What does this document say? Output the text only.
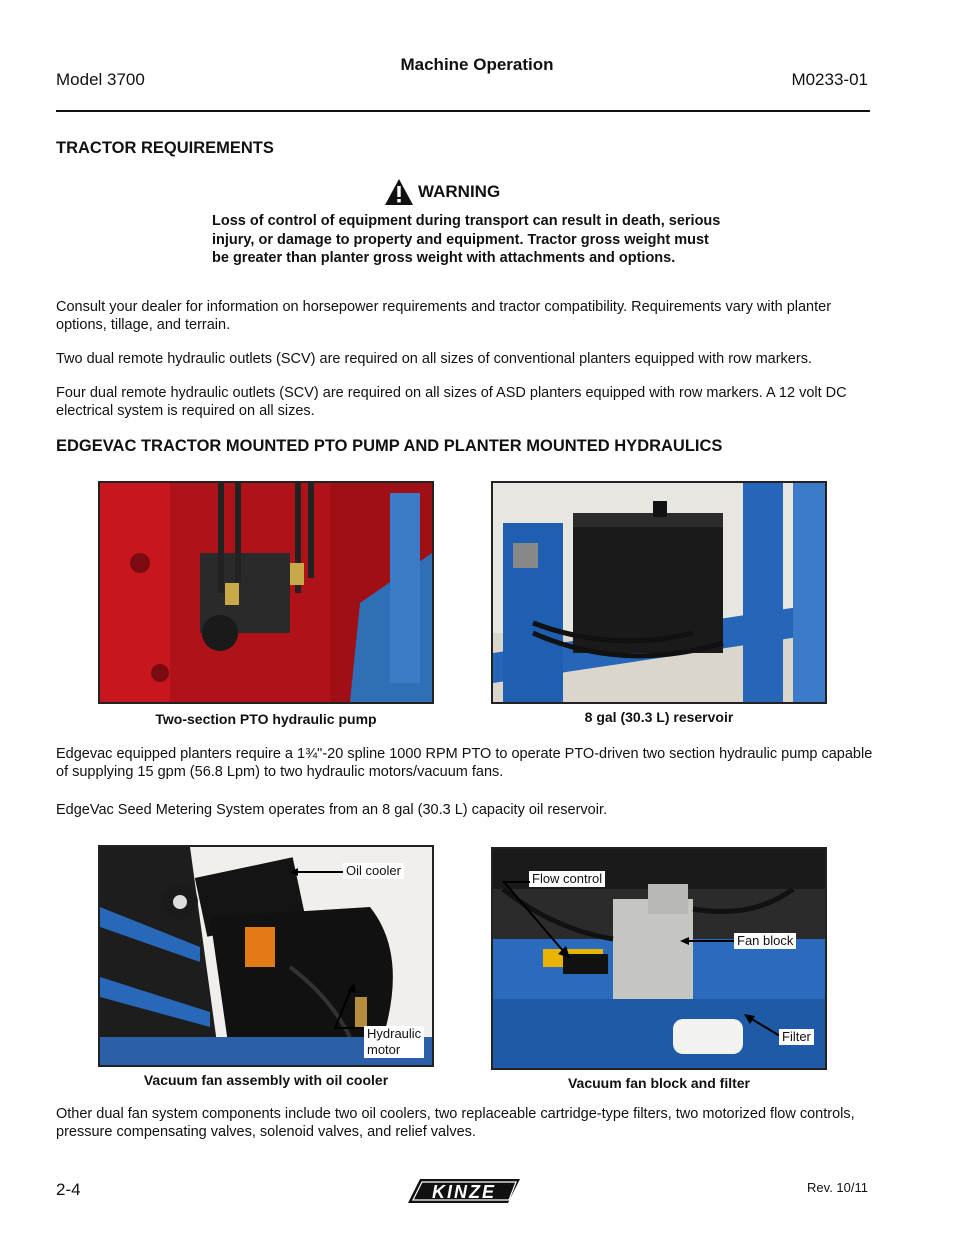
Machine Operation
Model 3700	M0233-01
TRACTOR REQUIREMENTS
WARNING
Loss of control of equipment during transport can result in death, serious injury, or damage to property and equipment. Tractor gross weight must be greater than planter gross weight with attachments and options.
Consult your dealer for information on horsepower requirements and tractor compatibility. Requirements vary with planter options, tillage, and terrain.
Two dual remote hydraulic outlets (SCV) are required on all sizes of conventional planters equipped with row markers.
Four dual remote hydraulic outlets (SCV) are required on all sizes of ASD planters equipped with row markers. A 12 volt DC electrical system is required on all sizes.
EDGEVAC TRACTOR MOUNTED PTO PUMP AND PLANTER MOUNTED HYDRAULICS
Two-section PTO hydraulic pump	8 gal (30.3 L) reservoir
Edgevac equipped planters require a 1¾"-20 spline 1000 RPM PTO to operate PTO-driven two section hydraulic pump capable of supplying 15 gpm (56.8 Lpm) to two hydraulic motors/vacuum fans.
EdgeVac Seed Metering System operates from an 8 gal (30.3 L) capacity oil reservoir.
Oil cooler
Hydraulic
motor
Vacuum fan assembly with oil cooler
Flow control
Fan block
Filter
Vacuum fan block and filter
Other dual fan system components include two oil coolers, two replaceable cartridge-type filters, two motorized flow controls, pressure compensating valves, solenoid valves, and relief valves.
2-4	KINZE	Rev. 10/11
